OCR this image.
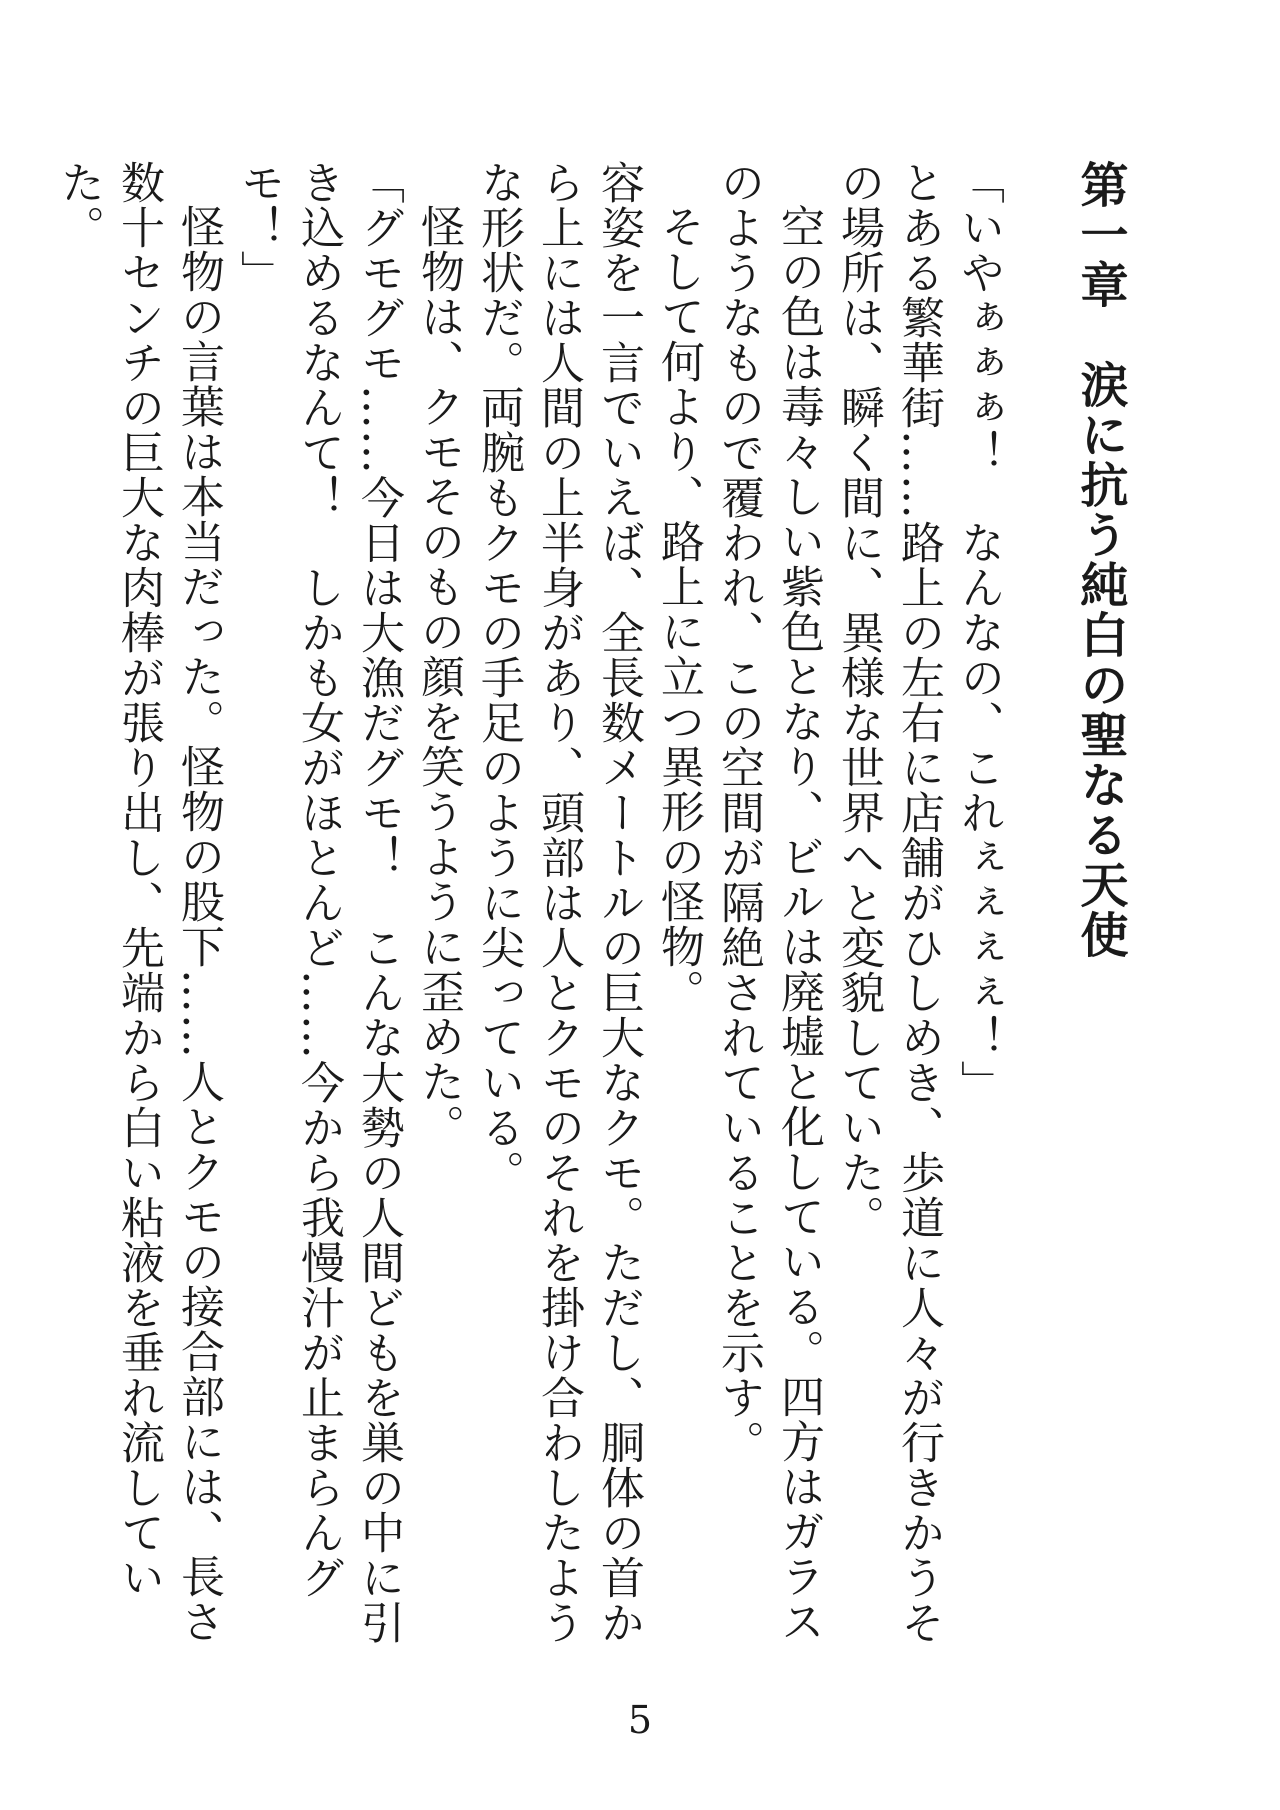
第一章　涙に抗う純白の聖なる天使

「いやぁぁぁ！　なんなの、これぇぇぇぇ！」

とある繁華街……路上の左右に店舗がひしめき、歩道に人々が行きかうその場所は、瞬く間に、異様な世界へと変貌していた。

空の色は毒々しい紫色となり、ビルは廃墟と化している。四方はガラスのようなもので覆われ、この空間が隔絶されていることを示す。

そして何より、路上に立つ異形の怪物。

容姿を一言でいえば、全長数メートルの巨大なクモ。ただし、胴体の首から上には人間の上半身があり、頭部は人とクモのそれを掛け合わしたような形状だ。両腕もクモの手足のように尖っている。

怪物は、クモそのもの顔を笑うように歪めた。

「グモグモ……今日は大漁だグモ！　こんな大勢の人間どもを巣の中に引き込めるなんて！　しかも女がほとんど……今から我慢汁が止まらんグモ！」

怪物の言葉は本当だった。怪物の股下……人とクモの接合部には、長さ数十センチの巨大な肉棒が張り出し、先端から白い粘液を垂れ流していた。

5
